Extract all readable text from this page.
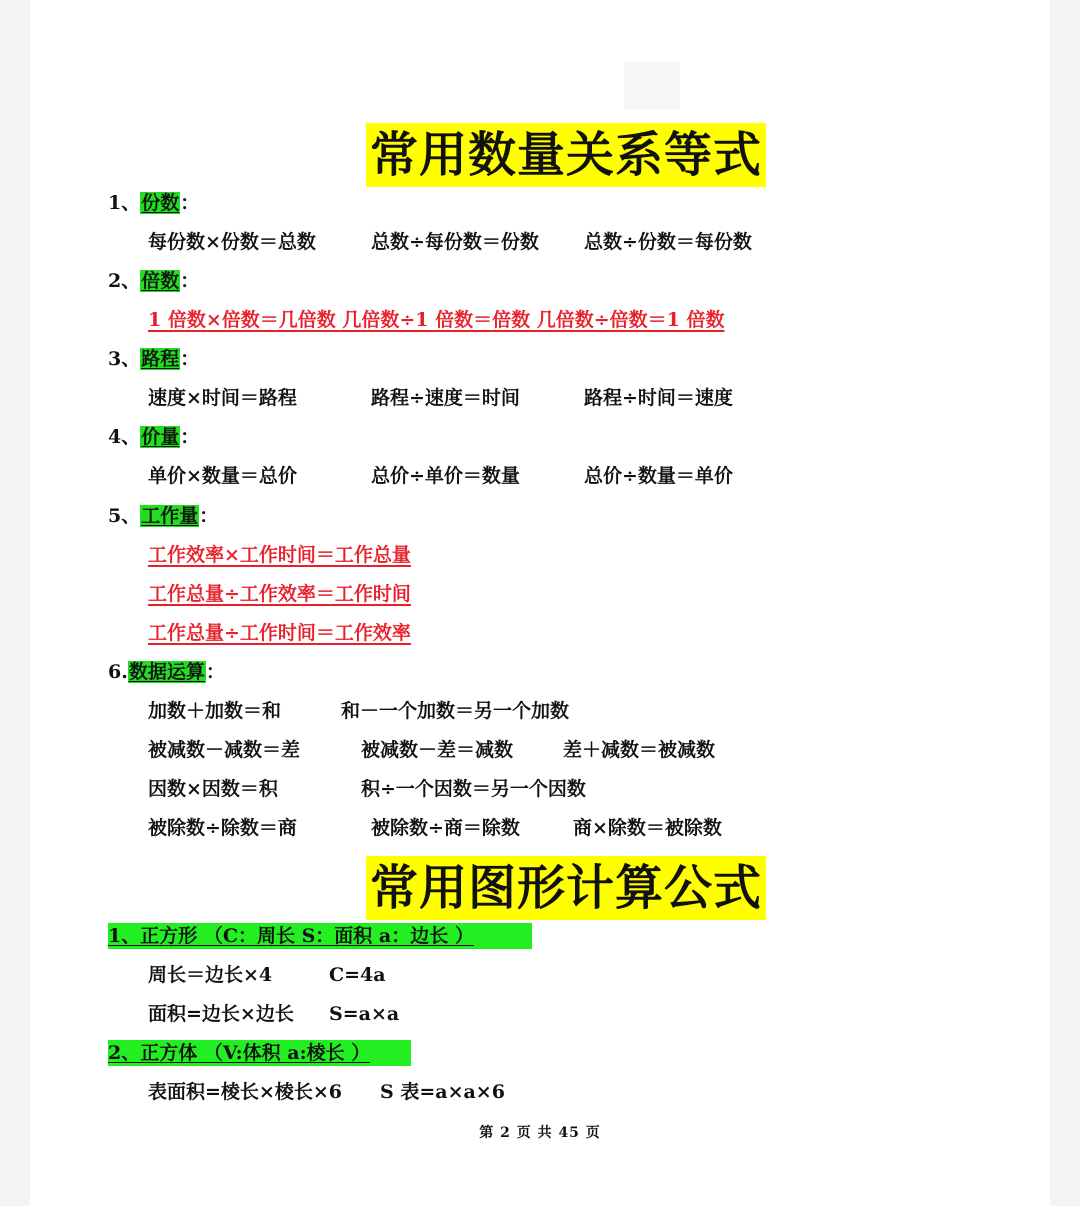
常用数量关系等式
1、份数：
每份数×份数＝总数	总数÷每份数＝份数 总数÷份数＝每份数
2、倍数：
1 倍数×倍数＝几倍数 几倍数÷1 倍数＝倍数 几倍数÷倍数＝1 倍数
3、路程：
速度×时间＝路程	路程÷速度＝时间	路程÷时间＝速度
4、价量：
单价×数量＝总价	总价÷单价＝数量	总价÷数量＝单价
5、工作量：
工作效率×工作时间＝工作总量
工作总量÷工作效率＝工作时间
工作总量÷工作时间＝工作效率
6.数据运算：
加数＋加数＝和	和－一个加数＝另一个加数
被减数－减数＝差	被减数－差＝减数	差＋减数＝被减数
因数×因数＝积	积÷一个因数＝另一个因数
被除数÷除数＝商	被除数÷商＝除数	商×除数＝被除数
常用图形计算公式
1、正方形 （C：周长 S：面积 a：边长 ）
周长＝边长×4	C=4a
面积=边长×边长 S=a×a
2、正方体 （V:体积 a:棱长 ）
表面积=棱长×棱长×6 S 表=a×a×6
第 2 页 共 45 页
